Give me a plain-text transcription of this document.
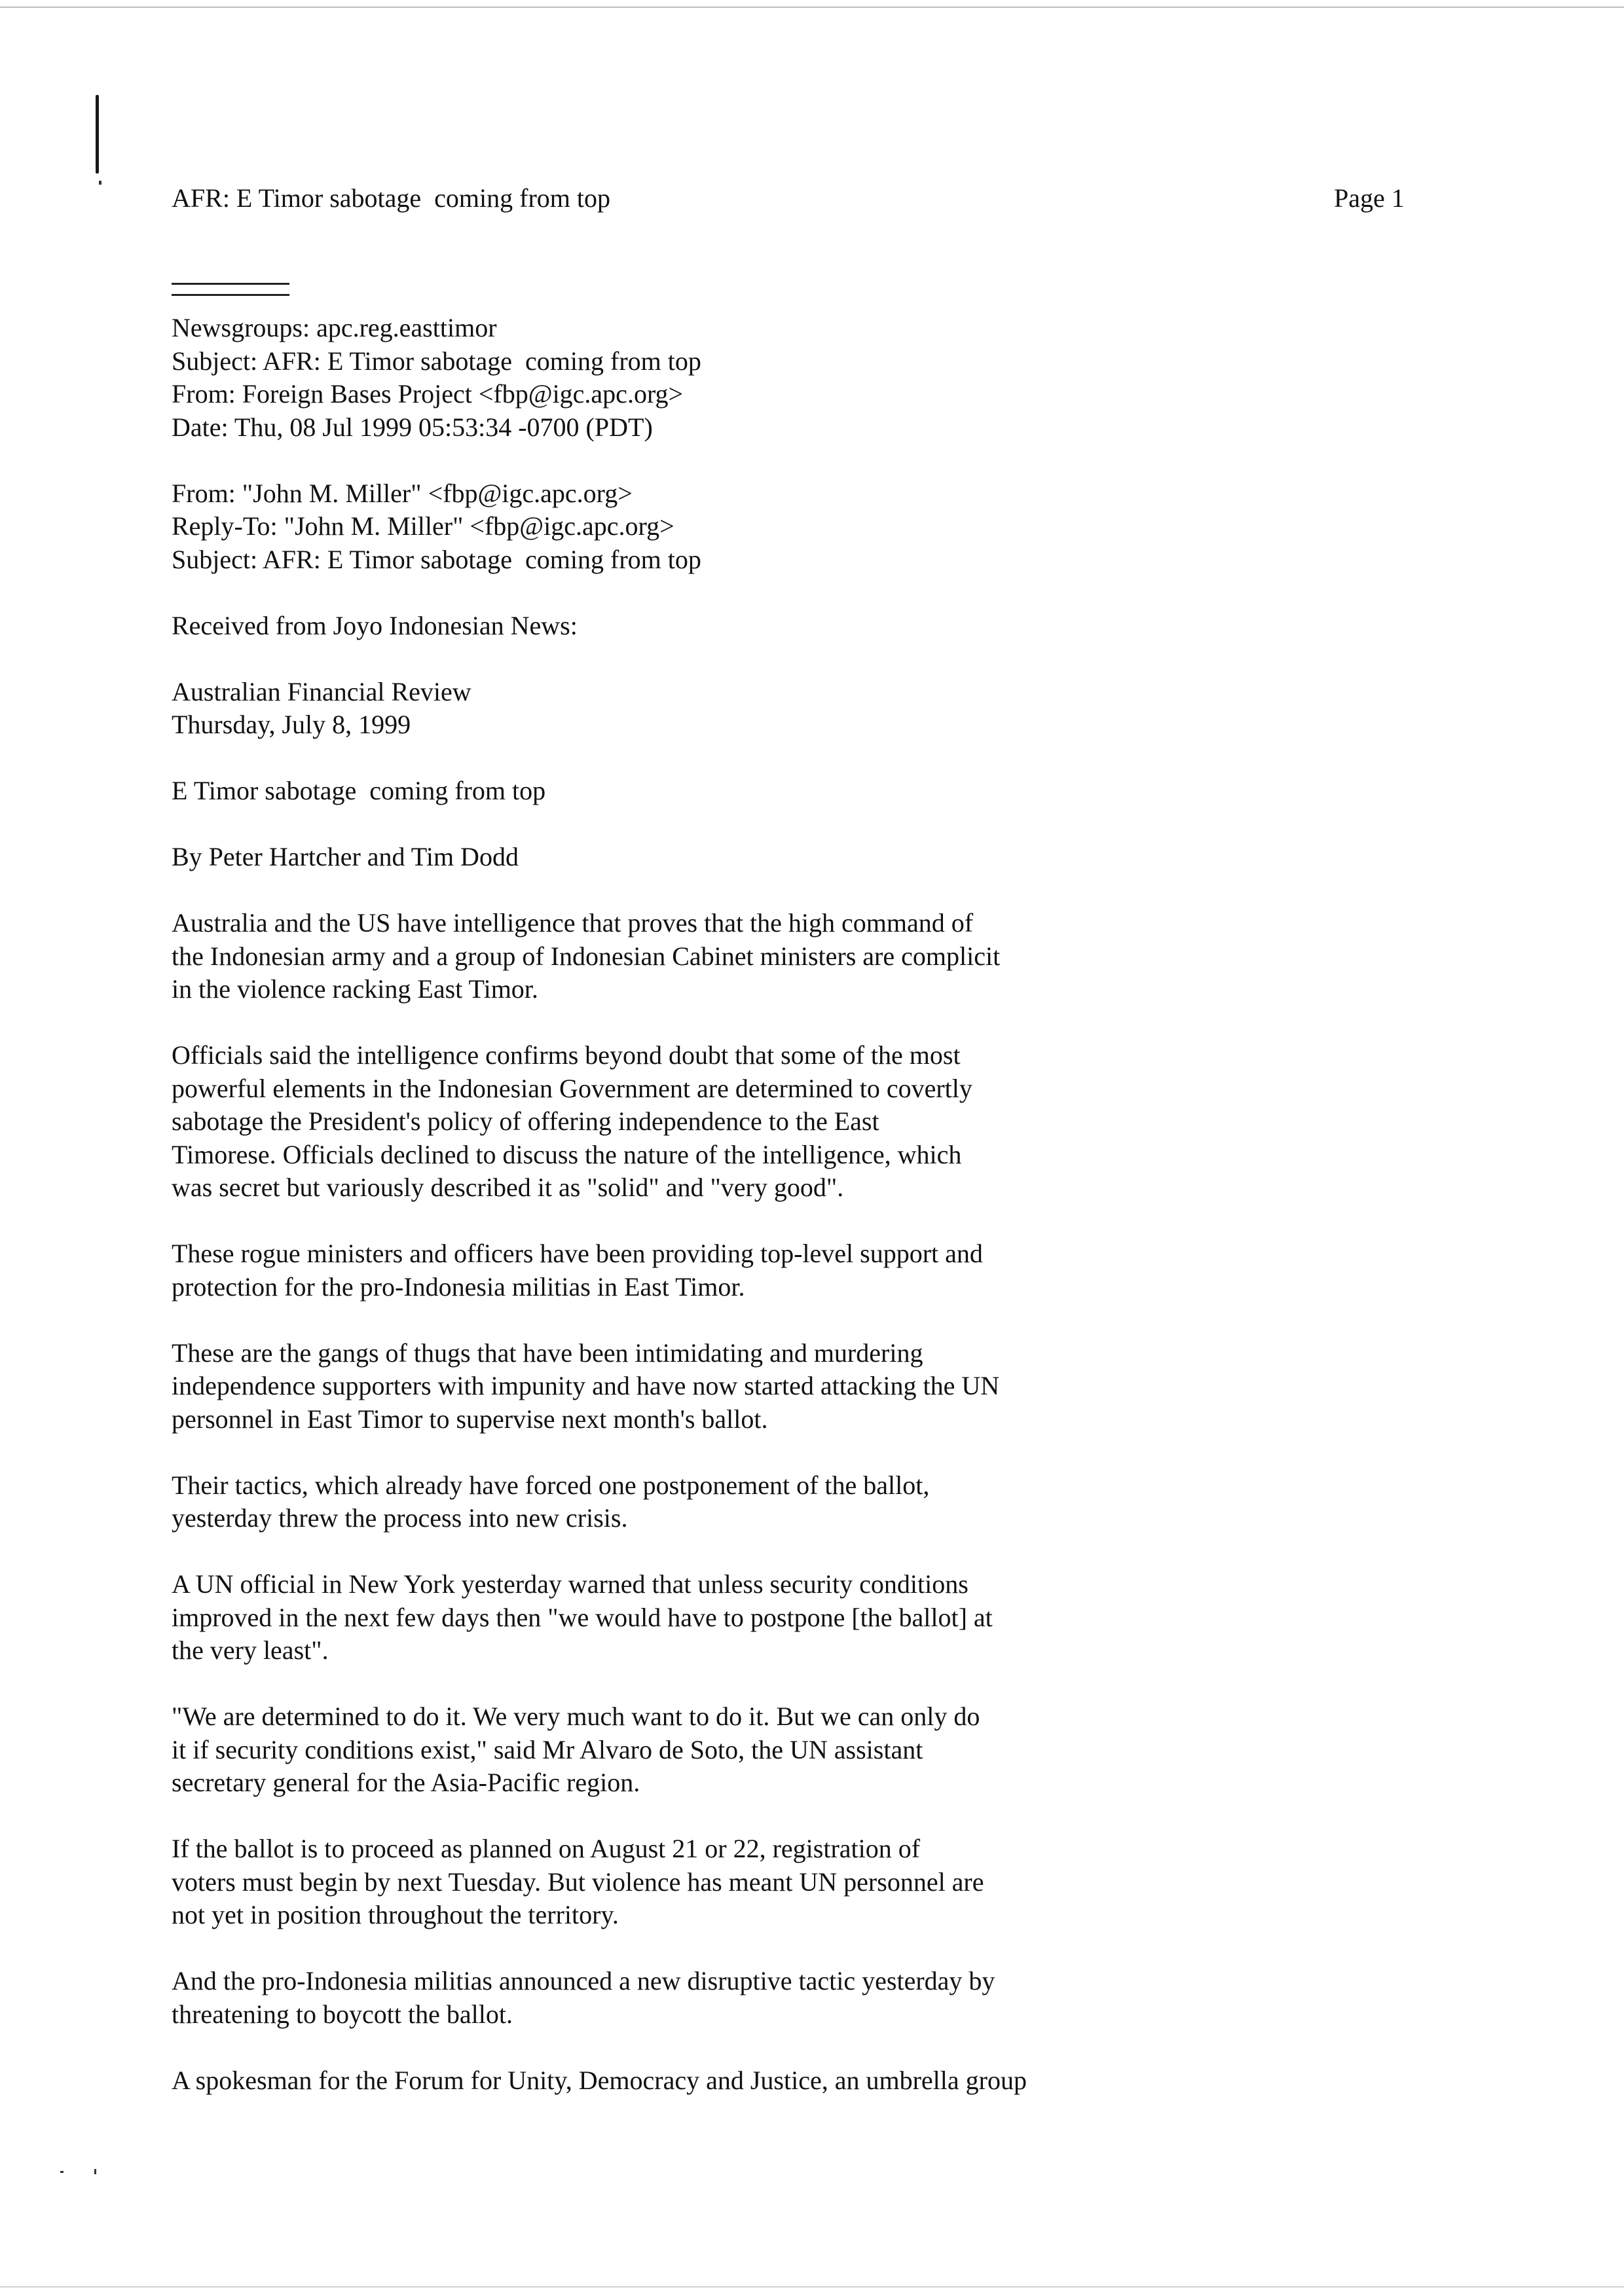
AFR: E Timor sabotage  coming from top	Page 1
Newsgroups: apc.reg.easttimor
Subject: AFR: E Timor sabotage  coming from top
From: Foreign Bases Project <fbp@igc.apc.org>
Date: Thu, 08 Jul 1999 05:53:34 -0700 (PDT)
From: "John M. Miller" <fbp@igc.apc.org>
Reply-To: "John M. Miller" <fbp@igc.apc.org>
Subject: AFR: E Timor sabotage  coming from top
Received from Joyo Indonesian News:
Australian Financial Review
Thursday, July 8, 1999
E Timor sabotage  coming from top
By Peter Hartcher and Tim Dodd
Australia and the US have intelligence that proves that the high command of
the Indonesian army and a group of Indonesian Cabinet ministers are complicit
in the violence racking East Timor.
Officials said the intelligence confirms beyond doubt that some of the most
powerful elements in the Indonesian Government are determined to covertly
sabotage the President's policy of offering independence to the East
Timorese. Officials declined to discuss the nature of the intelligence, which
was secret but variously described it as "solid" and "very good".
These rogue ministers and officers have been providing top-level support and
protection for the pro-Indonesia militias in East Timor.
These are the gangs of thugs that have been intimidating and murdering
independence supporters with impunity and have now started attacking the UN
personnel in East Timor to supervise next month's ballot.
Their tactics, which already have forced one postponement of the ballot,
yesterday threw the process into new crisis.
A UN official in New York yesterday warned that unless security conditions
improved in the next few days then "we would have to postpone [the ballot] at
the very least".
"We are determined to do it. We very much want to do it. But we can only do
it if security conditions exist," said Mr Alvaro de Soto, the UN assistant
secretary general for the Asia-Pacific region.
If the ballot is to proceed as planned on August 21 or 22, registration of
voters must begin by next Tuesday. But violence has meant UN personnel are
not yet in position throughout the territory.
And the pro-Indonesia militias announced a new disruptive tactic yesterday by
threatening to boycott the ballot.
A spokesman for the Forum for Unity, Democracy and Justice, an umbrella group
